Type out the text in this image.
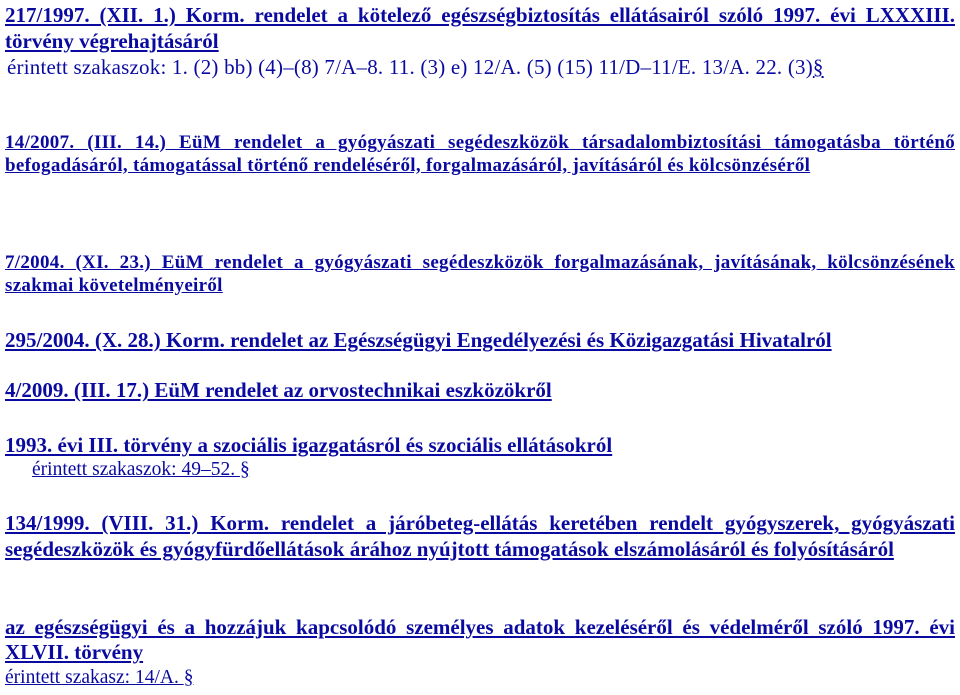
217/1997. (XII. 1.) Korm. rendelet a kötelező egészségbiztosítás ellátásairól szóló 1997. évi LXXXIII. törvény végrehajtásáról
érintett szakaszok: 1. (2) bb) (4)–(8) 7/A–8. 11. (3) e) 12/A. (5) (15) 11/D–11/E. 13/A. 22. (3)§
14/2007. (III. 14.) EüM rendelet a gyógyászati segédeszközök társadalombiztosítási támogatásba történő befogadásáról, támogatással történő rendeléséről, forgalmazásáról, javításáról és kölcsönzéséről
7/2004. (XI. 23.) EüM rendelet a gyógyászati segédeszközök forgalmazásának, javításának, kölcsönzésének szakmai követelményeiről
295/2004. (X. 28.) Korm. rendelet az Egészségügyi Engedélyezési és Közigazgatási Hivatalról
4/2009. (III. 17.) EüM rendelet az orvostechnikai eszközökről
1993. évi III. törvény a szociális igazgatásról és szociális ellátásokról
érintett szakaszok: 49–52. §
134/1999. (VIII. 31.) Korm. rendelet a járóbeteg-ellátás keretében rendelt gyógyszerek, gyógyászati segédeszközök és gyógyfürdőellátások árához nyújtott támogatások elszámolásáról és folyósításáról
az egészségügyi és a hozzájuk kapcsolódó személyes adatok kezeléséről és védelméről szóló 1997. évi XLVII. törvény
érintett szakasz: 14/A. §
